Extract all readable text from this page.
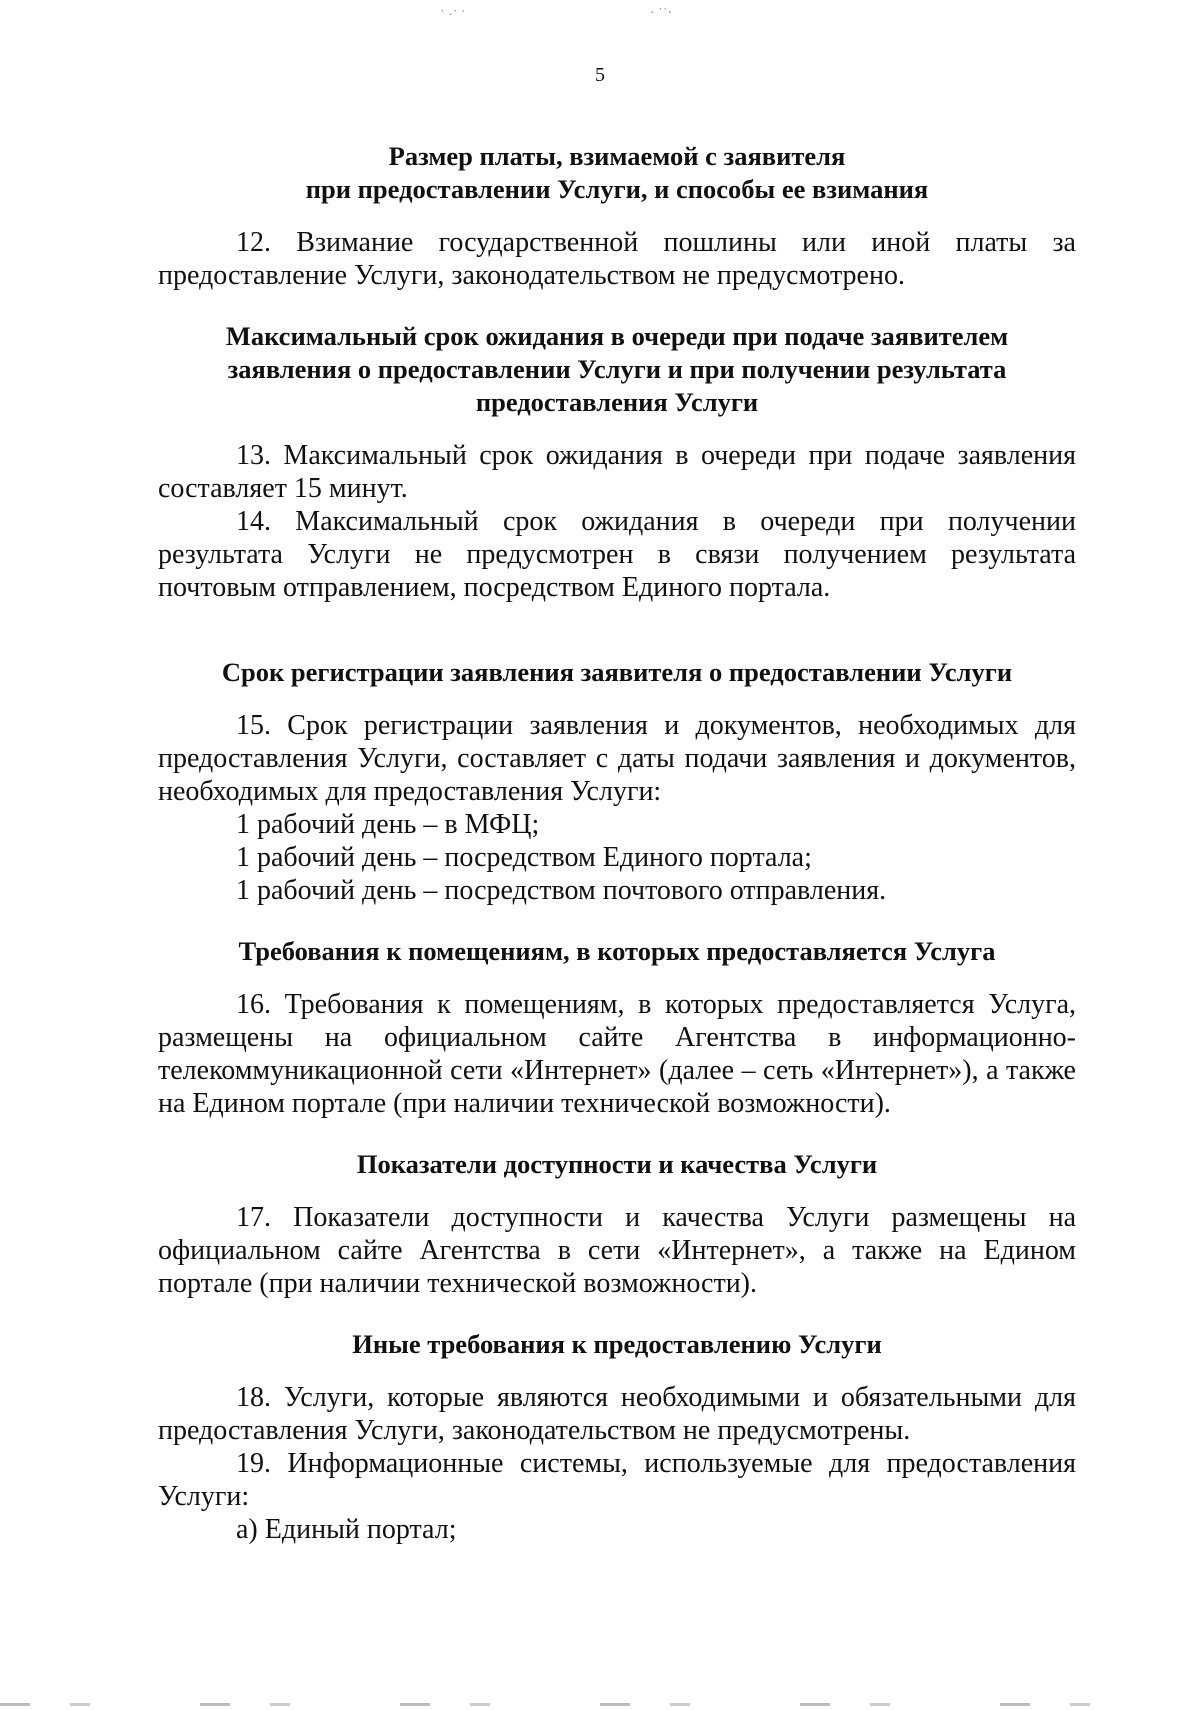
5

Размер платы, взимаемой с заявителя

при предоставлении Услуги, и способы ее взимания

12. Взимание государственной пошлины или иной платы за предоставление Услуги, законодательством не предусмотрено.

Максимальный срок ожидания в очереди при подаче заявителем

заявления о предоставлении Услуги и при получении результата

предоставления Услуги

13. Максимальный срок ожидания в очереди при подаче заявления составляет 15 минут.

14. Максимальный срок ожидания в очереди при получении результата Услуги не предусмотрен в связи получением результата почтовым отправлением, посредством Единого портала.

Срок регистрации заявления заявителя о предоставлении Услуги

15. Срок регистрации заявления и документов, необходимых для предоставления Услуги, составляет с даты подачи заявления и документов, необходимых для предоставления Услуги:

1 рабочий день – в МФЦ;

1 рабочий день – посредством Единого портала;

1 рабочий день – посредством почтового отправления.

Требования к помещениям, в которых предоставляется Услуга

16. Требования к помещениям, в которых предоставляется Услуга, размещены на официальном сайте Агентства в информационно-телекоммуникационной сети «Интернет» (далее – сеть «Интернет»), а также на Едином портале (при наличии технической возможности).

Показатели доступности и качества Услуги

17. Показатели доступности и качества Услуги размещены на официальном сайте Агентства в сети «Интернет», а также на Едином портале (при наличии технической возможности).

Иные требования к предоставлению Услуги

18. Услуги, которые являются необходимыми и обязательными для предоставления Услуги, законодательством не предусмотрены.

19. Информационные системы, используемые для предоставления Услуги:

а) Единый портал;

˙ ·˙ ˙	· ˙˙·
